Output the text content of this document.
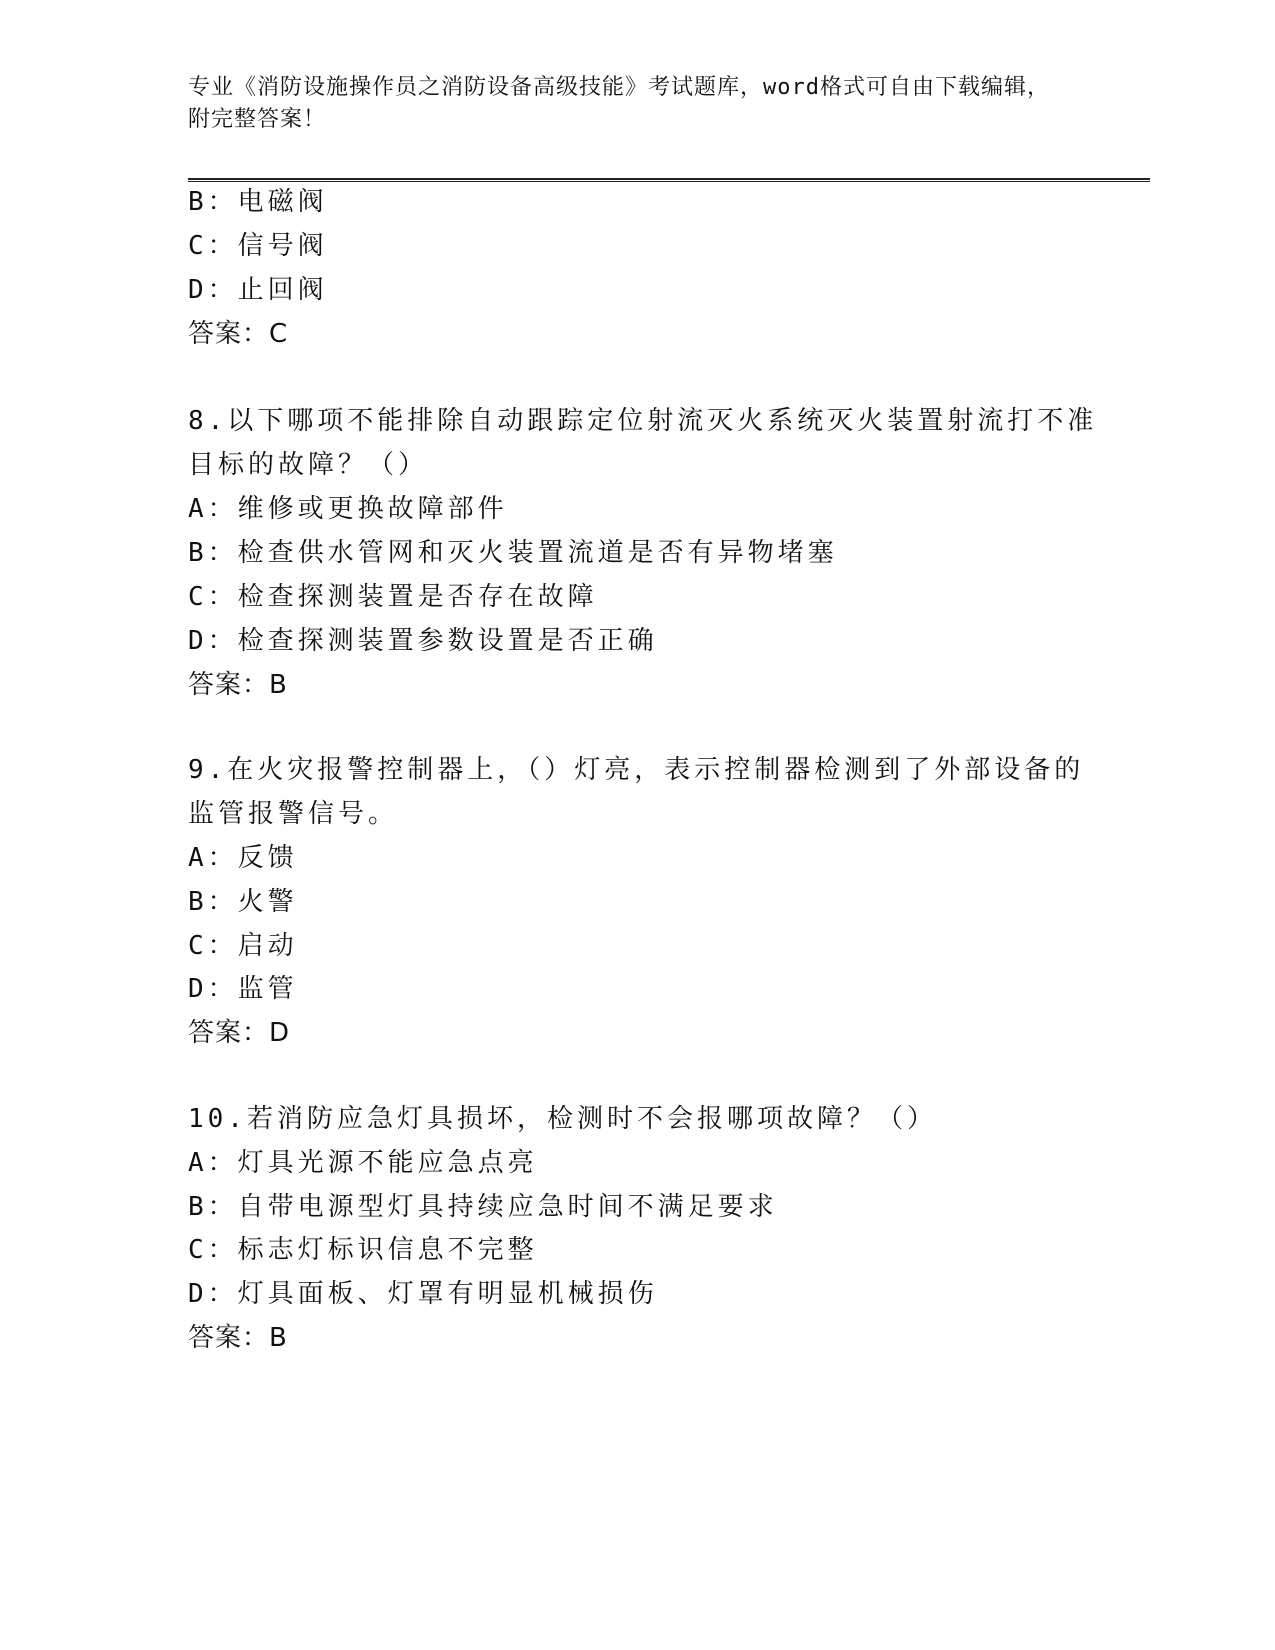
专业《消防设施操作员之消防设备高级技能》考试题库，word格式可自由下载编辑，附完整答案！
B：电磁阀
C：信号阀
D：止回阀
答案：C
8.以下哪项不能排除自动跟踪定位射流灭火系统灭火装置射流打不准
目标的故障？（）
A：维修或更换故障部件
B：检查供水管网和灭火装置流道是否有异物堵塞
C：检查探测装置是否存在故障
D：检查探测装置参数设置是否正确
答案：B
9.在火灾报警控制器上，（）灯亮，表示控制器检测到了外部设备的
监管报警信号。
A：反馈
B：火警
C：启动
D：监管
答案：D
10.若消防应急灯具损坏，检测时不会报哪项故障？（）
A：灯具光源不能应急点亮
B：自带电源型灯具持续应急时间不满足要求
C：标志灯标识信息不完整
D：灯具面板、灯罩有明显机械损伤
答案：B
